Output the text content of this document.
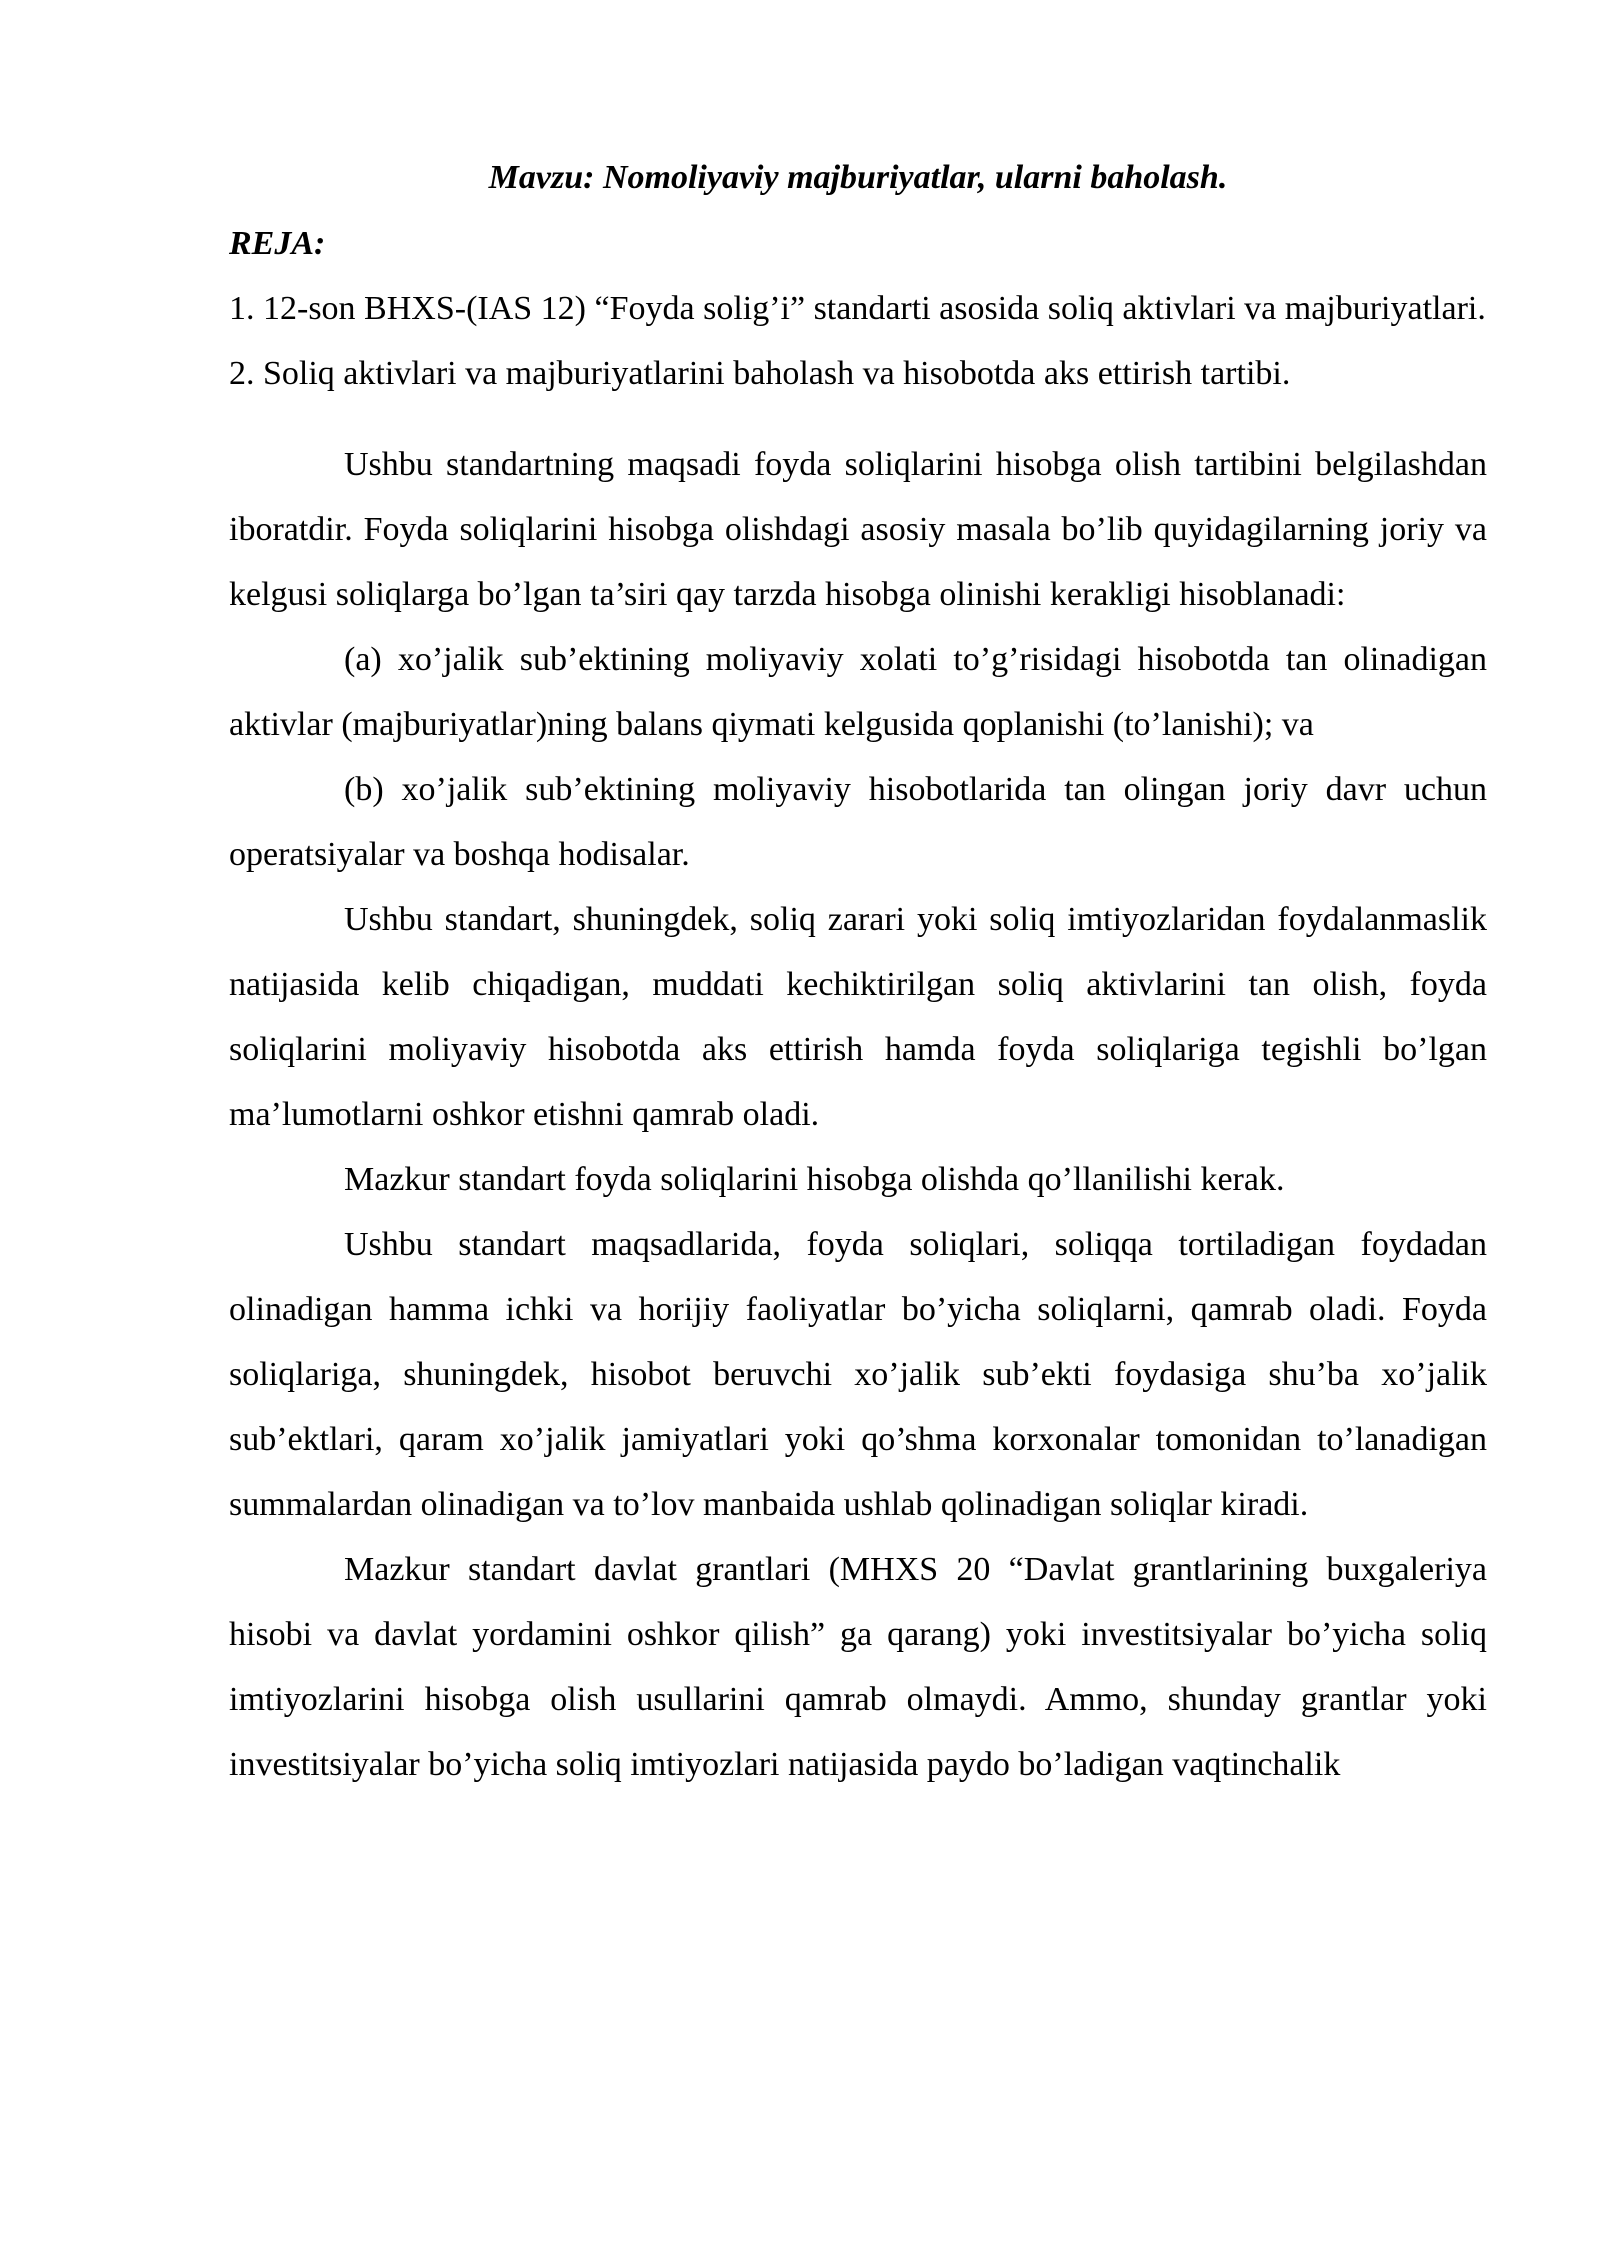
Mavzu: Nomoliyaviy majburiyatlar, ularni baholash.

REJA:

1. 12-son BHXS-(IAS 12) “Foyda solig’i” standarti asosida soliq aktivlari va majburiyatlari.

2. Soliq aktivlari va majburiyatlarini baholash va hisobotda aks ettirish tartibi.

Ushbu standartning maqsadi foyda soliqlarini hisobga olish tartibini belgilashdan iboratdir. Foyda soliqlarini hisobga olishdagi asosiy masala bo’lib quyidagilarning joriy va kelgusi soliqlarga bo’lgan ta’siri qay tarzda hisobga olinishi kerakligi hisoblanadi:

(a) xo’jalik sub’ektining moliyaviy xolati to’g’risidagi hisobotda tan olinadigan aktivlar (majburiyatlar)ning balans qiymati kelgusida qoplanishi (to’lanishi); va

(b) xo’jalik sub’ektining moliyaviy hisobotlarida tan olingan joriy davr uchun operatsiyalar va boshqa hodisalar.

Ushbu standart, shuningdek, soliq zarari yoki soliq imtiyozlaridan foydalanmaslik natijasida kelib chiqadigan, muddati kechiktirilgan soliq aktivlarini tan olish, foyda soliqlarini moliyaviy hisobotda aks ettirish hamda foyda soliqlariga tegishli bo’lgan ma’lumotlarni oshkor etishni qamrab oladi.

Mazkur standart foyda soliqlarini hisobga olishda qo’llanilishi kerak.

Ushbu standart maqsadlarida, foyda soliqlari, soliqqa tortiladigan foydadan olinadigan hamma ichki va horijiy faoliyatlar bo’yicha soliqlarni, qamrab oladi. Foyda soliqlariga, shuningdek, hisobot beruvchi xo’jalik sub’ekti foydasiga shu’ba xo’jalik sub’ektlari, qaram xo’jalik jamiyatlari yoki qo’shma korxonalar tomonidan to’lanadigan summalardan olinadigan va to’lov manbaida ushlab qolinadigan soliqlar kiradi.

Mazkur standart davlat grantlari (MHXS 20 “Davlat grantlarining buxgaleriya hisobi va davlat yordamini oshkor qilish” ga qarang) yoki investitsiyalar bo’yicha soliq imtiyozlarini hisobga olish usullarini qamrab olmaydi. Ammo, shunday grantlar yoki investitsiyalar bo’yicha soliq imtiyozlari natijasida paydo bo’ladigan vaqtinchalik
